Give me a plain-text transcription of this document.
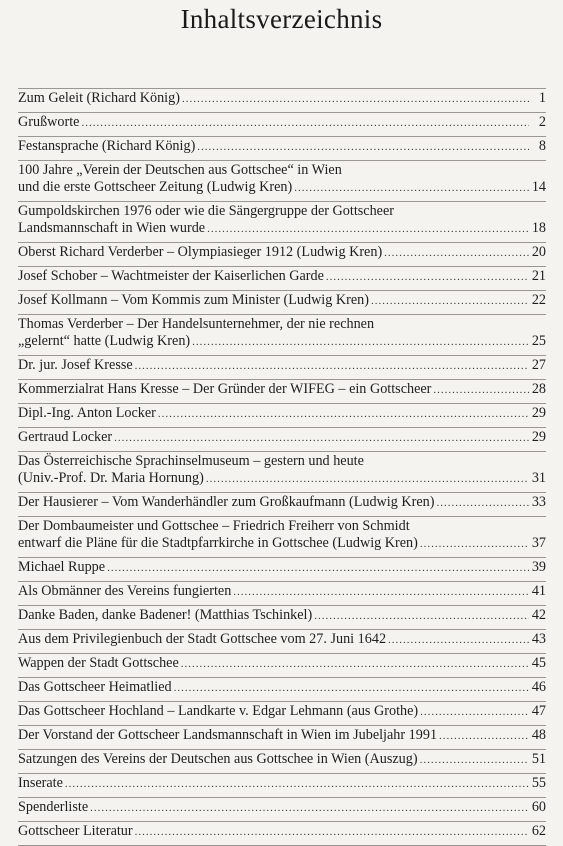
Inhaltsverzeichnis
Zum Geleit (Richard König) .....	1
Grußworte .....	2
Festansprache (Richard König) .....	8
100 Jahre „Verein der Deutschen aus Gottschee“ in Wien
und die erste Gottscheer Zeitung (Ludwig Kren) .....	14
Gumpoldskirchen 1976 oder wie die Sängergruppe der Gottscheer
Landsmannschaft in Wien wurde .....	18
Oberst Richard Verderber – Olympiasieger 1912 (Ludwig Kren) .....	20
Josef Schober – Wachtmeister der Kaiserlichen Garde .....	21
Josef Kollmann – Vom Kommis zum Minister (Ludwig Kren) .....	22
Thomas Verderber – Der Handelsunternehmer, der nie rechnen
„gelernt“ hatte (Ludwig Kren) .....	25
Dr. jur. Josef Kresse .....	27
Kommerzialrat Hans Kresse – Der Gründer der WIFEG – ein Gottscheer .....	28
Dipl.-Ing. Anton Locker .....	29
Gertraud Locker .....	29
Das Österreichische Sprachinselmuseum – gestern und heute
(Univ.-Prof. Dr. Maria Hornung) .....	31
Der Hausierer – Vom Wanderhändler zum Großkaufmann (Ludwig Kren) .....	33
Der Dombaumeister und Gottschee – Friedrich Freiherr von Schmidt
entwarf die Pläne für die Stadtpfarrkirche in Gottschee (Ludwig Kren) .....	37
Michael Ruppe .....	39
Als Obmänner des Vereins fungierten .....	41
Danke Baden, danke Badener! (Matthias Tschinkel) .....	42
Aus dem Privilegienbuch der Stadt Gottschee vom 27. Juni 1642 .....	43
Wappen der Stadt Gottschee .....	45
Das Gottscheer Heimatlied .....	46
Das Gottscheer Hochland – Landkarte v. Edgar Lehmann (aus Grothe) .....	47
Der Vorstand der Gottscheer Landsmannschaft in Wien im Jubeljahr 1991 .....	48
Satzungen des Vereins der Deutschen aus Gottschee in Wien (Auszug) .....	51
Inserate .....	55
Spenderliste .....	60
Gottscheer Literatur .....	62
